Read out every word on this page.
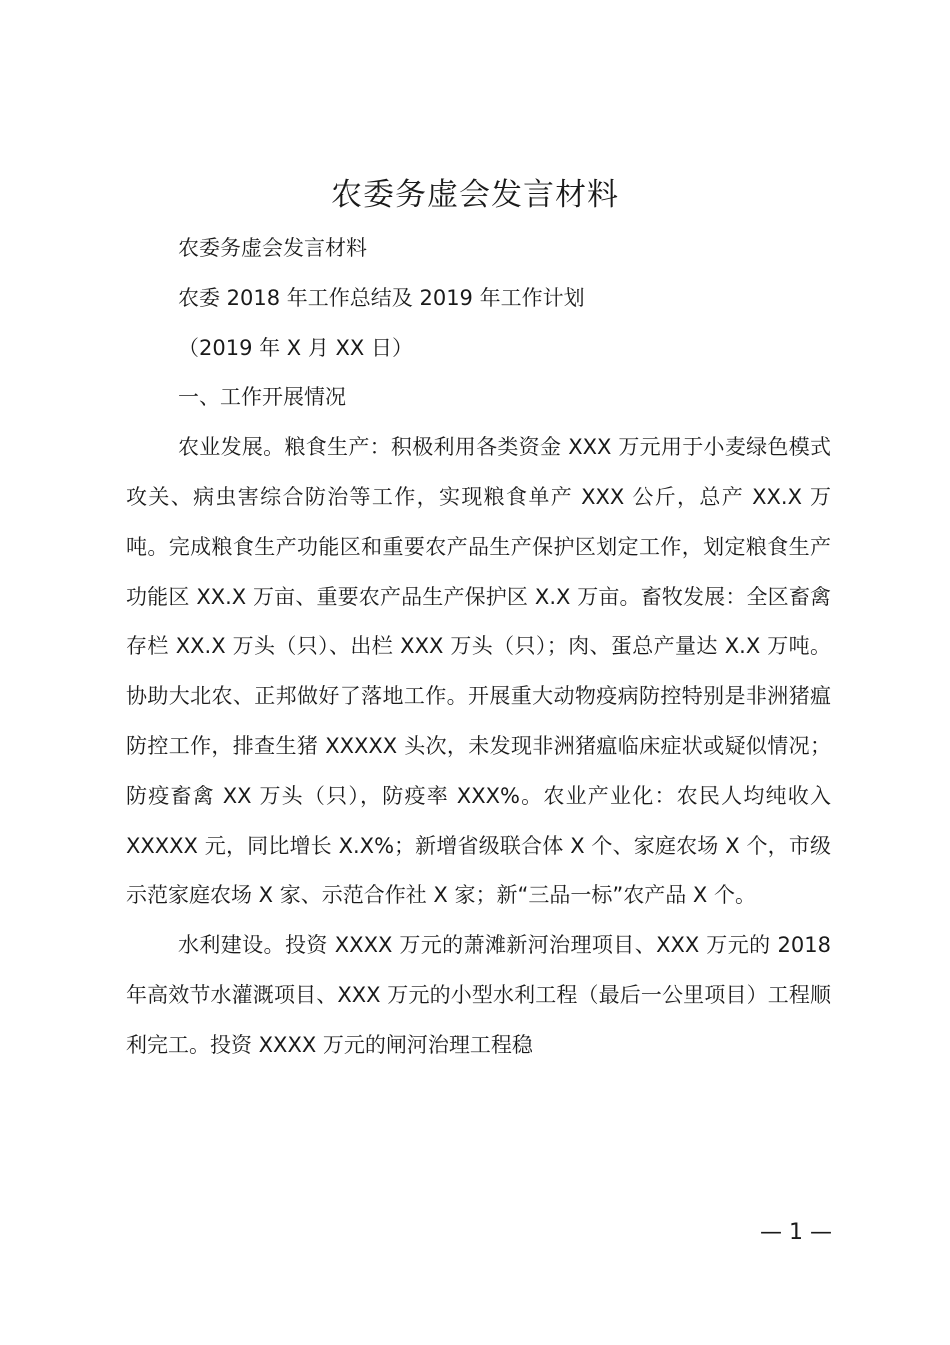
农委务虚会发言材料

农委务虚会发言材料

农委 2018 年工作总结及 2019 年工作计划

（2019 年 X 月 XX 日）

一、工作开展情况

农业发展。粮食生产：积极利用各类资金 XXX 万元用于小麦绿色模式攻关、病虫害综合防治等工作，实现粮食单产 XXX 公斤，总产 XX.X 万吨。完成粮食生产功能区和重要农产品生产保护区划定工作，划定粮食生产功能区 XX.X 万亩、重要农产品生产保护区 X.X 万亩。畜牧发展：全区畜禽存栏 XX.X 万头（只）、出栏 XXX 万头（只）；肉、蛋总产量达 X.X 万吨。协助大北农、正邦做好了落地工作。开展重大动物疫病防控特别是非洲猪瘟防控工作，排查生猪 XXXXX 头次，未发现非洲猪瘟临床症状或疑似情况；防疫畜禽 XX 万头（只），防疫率 XXX%。农业产业化：农民人均纯收入 XXXXX 元，同比增长 X.X%；新增省级联合体 X 个、家庭农场 X 个，市级示范家庭农场 X 家、示范合作社 X 家；新“三品一标”农产品 X 个。

水利建设。投资 XXXX 万元的萧滩新河治理项目、XXX 万元的 2018 年高效节水灌溉项目、XXX 万元的小型水利工程（最后一公里项目）工程顺利完工。投资 XXXX 万元的闸河治理工程稳

— 1 —
